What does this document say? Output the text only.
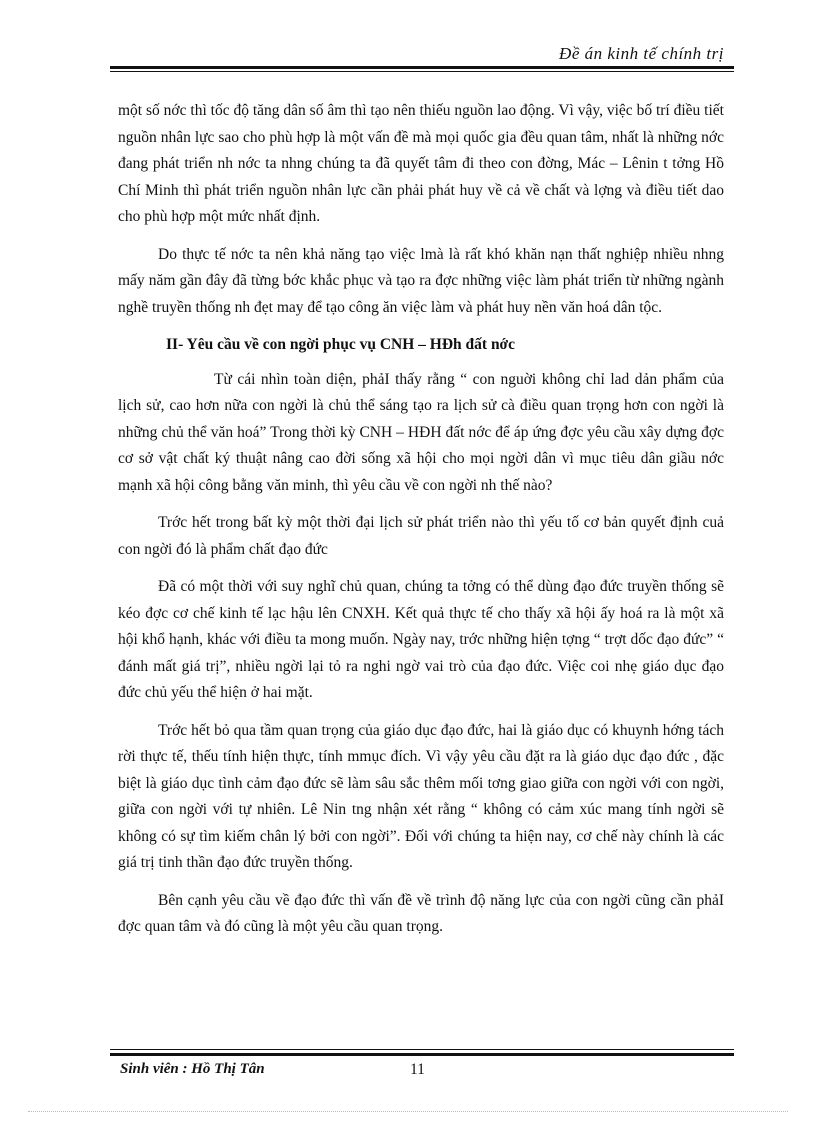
Đề án kinh tế chính trị

một số nớc thì tốc độ tăng dân số âm thì tạo nên thiếu nguồn lao động. Vì vậy, việc bố trí điều tiết nguồn nhân lực sao cho phù hợp là một vấn đề mà mọi quốc gia đều quan tâm, nhất là những nớc đang phát triển nh nớc ta nhng chúng ta đã quyết tâm đi theo con đờng, Mác – Lênin t tởng Hồ Chí Minh thì phát triển nguồn nhân lực cần phải phát huy về cả về chất và lợng và điều tiết dao cho phù hợp một mức nhất định.

Do thực tế nớc ta nên khả năng tạo việc lmà là rất khó khăn nạn thất nghiệp nhiều nhng mấy năm gần đây đã từng bớc khắc phục và tạo ra đợc những việc làm phát triển từ những ngành nghề truyền thống nh đẹt may để tạo công ăn việc làm và phát huy nền văn hoá dân tộc.

II- Yêu cầu về con ngời phục vụ CNH – HĐh đất nớc

Từ cái nhìn toàn diện, phảI thấy rằng “ con nguời không chỉ lad dản phẩm của lịch sử, cao hơn nữa con ngời là chủ thể sáng tạo ra lịch sử cà điều quan trọng hơn con ngời là những chủ thể văn hoá” Trong thời kỳ CNH – HĐH đất nớc để áp ứng đợc yêu cầu xây dựng đợc cơ sở vật chất ký thuật nâng cao đời sống xã hội cho mọi ngời dân vì mục tiêu dân giầu nớc mạnh xã hội công bằng văn minh, thì yêu cầu về con ngời nh thế nào?

Trớc hết trong bất kỳ một thời đại lịch sử phát triển nào thì yếu tố cơ bản quyết định cuả con ngời đó là phẩm chất đạo đức

Đã có một thời với suy nghĩ chủ quan, chúng ta tởng có thể dùng đạo đức truyền thống sẽ kéo đợc cơ chế kinh tế lạc hậu lên CNXH. Kết quả thực tế cho thấy xã hội ấy hoá ra là một xã hội khổ hạnh, khác với điều ta mong muốn. Ngày nay, trớc những hiện tợng “ trợt dốc đạo đức” “ đánh mất giá trị”, nhiều ngời lại tỏ ra nghi ngờ vai trò của đạo đức. Việc coi nhẹ giáo dục đạo đức chủ yếu thể hiện ở hai mặt.

Trớc hết bỏ qua tầm quan trọng của giáo dục đạo đức, hai là giáo dục có khuynh hớng tách rời thực tế, thếu tính hiện thực, tính mmục đích. Vì vậy yêu cầu đặt ra là giáo dục đạo đức , đặc biệt là giáo dục tình cảm đạo đức sẽ làm sâu sắc thêm mối tơng giao giữa con ngời với con ngời, giữa con ngời với tự nhiên. Lê Nin tng nhận xét rằng “ không có cảm xúc mang tính ngời sẽ không có sự tìm kiếm chân lý bởi con ngời”. Đối với chúng ta hiện nay, cơ chế này chính là các giá trị tinh thần đạo đức truyền thống.

Bên cạnh yêu cầu về đạo đức thì vấn đề về trình độ năng lực của con ngời cũng cần phảI đợc quan tâm và đó cũng là một yêu cầu quan trọng.

Sinh viên : Hồ Thị Tân	11
